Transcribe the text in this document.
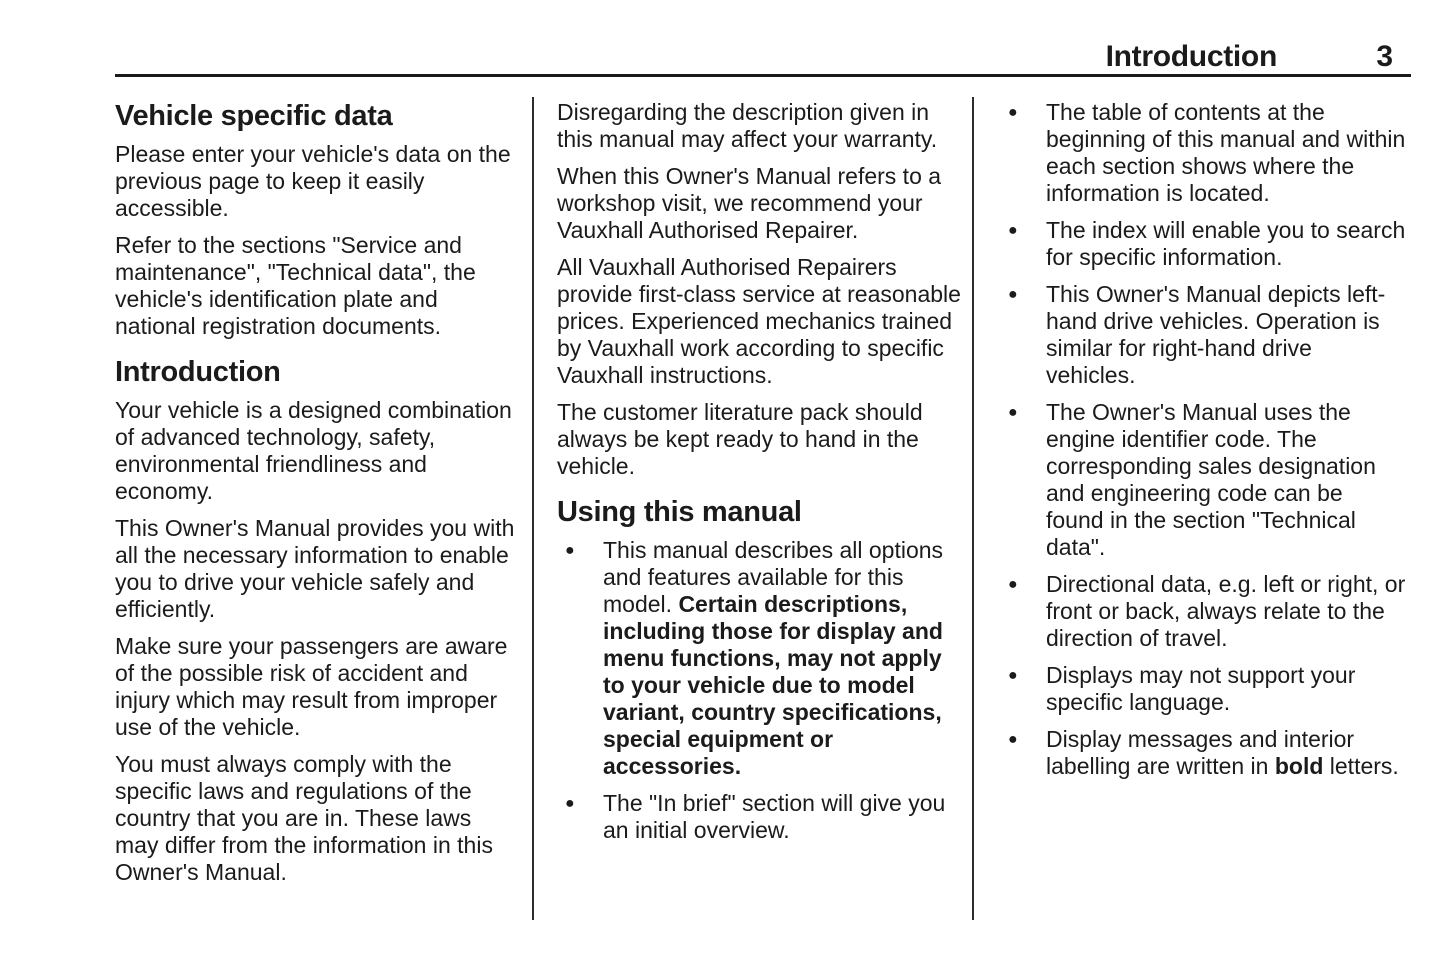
Introduction	3
Vehicle specific data

Please enter your vehicle's data on the previous page to keep it easily accessible.

Refer to the sections "Service and maintenance", "Technical data", the vehicle's identification plate and national registration documents.

Introduction

Your vehicle is a designed combination of advanced technology, safety, environmental friendliness and economy.

This Owner's Manual provides you with all the necessary information to enable you to drive your vehicle safely and efficiently.

Make sure your passengers are aware of the possible risk of accident and injury which may result from improper use of the vehicle.

You must always comply with the specific laws and regulations of the country that you are in. These laws may differ from the information in this Owner's Manual.

Disregarding the description given in this manual may affect your warranty.

When this Owner's Manual refers to a workshop visit, we recommend your Vauxhall Authorised Repairer.

All Vauxhall Authorised Repairers provide first-class service at reasonable prices. Experienced mechanics trained by Vauxhall work according to specific Vauxhall instructions.

The customer literature pack should always be kept ready to hand in the vehicle.

Using this manual
● This manual describes all options and features available for this model. Certain descriptions, including those for display and menu functions, may not apply to your vehicle due to model variant, country specifications, special equipment or accessories.
● The "In brief" section will give you an initial overview.
● The table of contents at the beginning of this manual and within each section shows where the information is located.
● The index will enable you to search for specific information.
● This Owner's Manual depicts left-hand drive vehicles. Operation is similar for right-hand drive vehicles.
● The Owner's Manual uses the engine identifier code. The corresponding sales designation and engineering code can be found in the section "Technical data".
● Directional data, e.g. left or right, or front or back, always relate to the direction of travel.
● Displays may not support your specific language.
● Display messages and interior labelling are written in bold letters.
